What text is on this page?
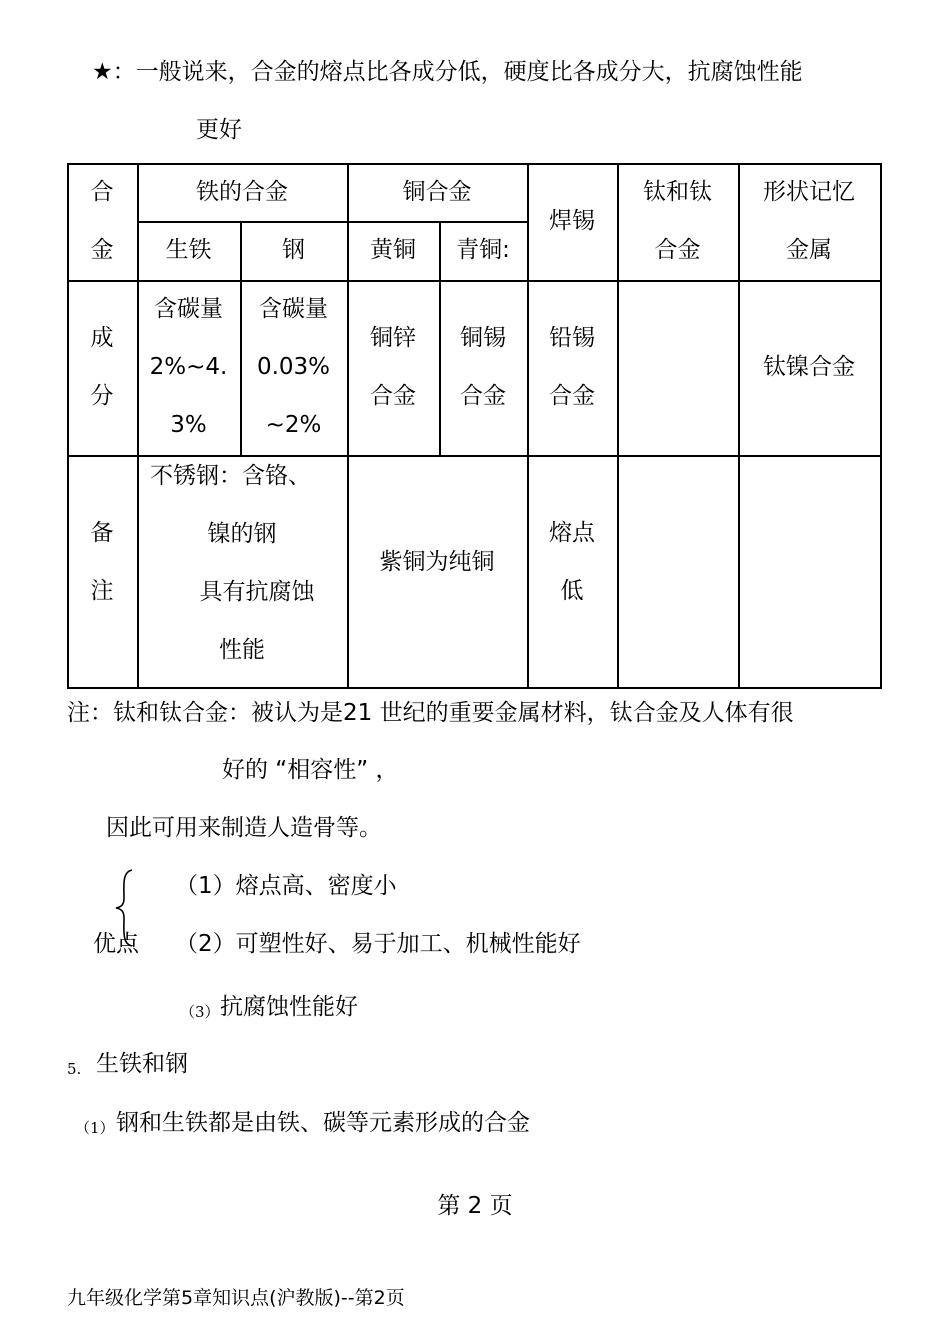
★：一般说来，合金的熔点比各成分低，硬度比各成分大，抗腐蚀性能
更好
合
金
铁的合金
生铁	钢
铜合金
黄铜	青铜:
焊锡
钛和钛
合金
形状记忆
金属
成
分
含碳量
2%~4.
3%
含碳量
0.03%
~2%
铜锌
合金
铜锡
合金
铅锡
合金
钛镍合金
备
注
不锈钢：含铬、
镍的钢
具有抗腐蚀
性能
紫铜为纯铜
熔点
低
注：钛和钛合金：被认为是21 世纪的重要金属材料，钛合金及人体有很
好的 “相容性” ，
因此可用来制造人造骨等。
（1）熔点高、密度小
优点 （2）可塑性好、易于加工、机械性能好
（3） 抗腐蚀性能好
5. 生铁和钢
（1） 钢和生铁都是由铁、碳等元素形成的合金
第 2 页
九年级化学第5章知识点(沪教版)--第2页
